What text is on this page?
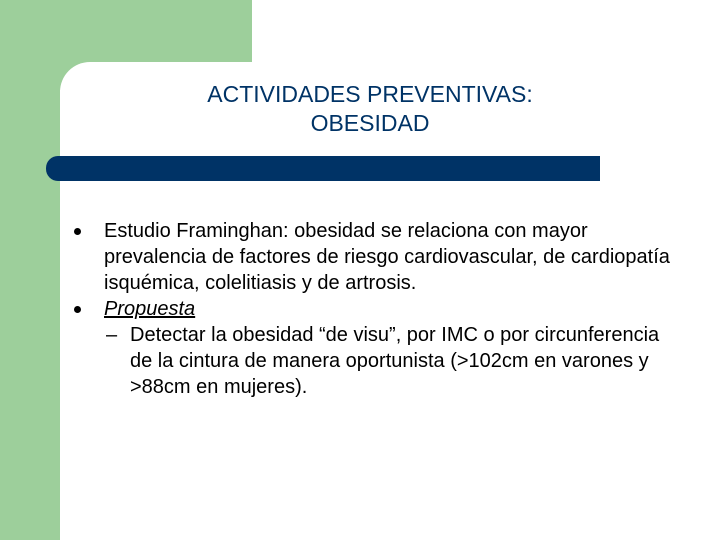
ACTIVIDADES PREVENTIVAS:
OBESIDAD
Estudio Framinghan: obesidad se relaciona con mayor prevalencia de factores de riesgo cardiovascular, de cardiopatía isquémica, colelitiasis y de artrosis.
Propuesta
– Detectar la obesidad “de visu”, por IMC o por circunferencia de la cintura de manera oportunista (>102cm en varones y >88cm en mujeres).
